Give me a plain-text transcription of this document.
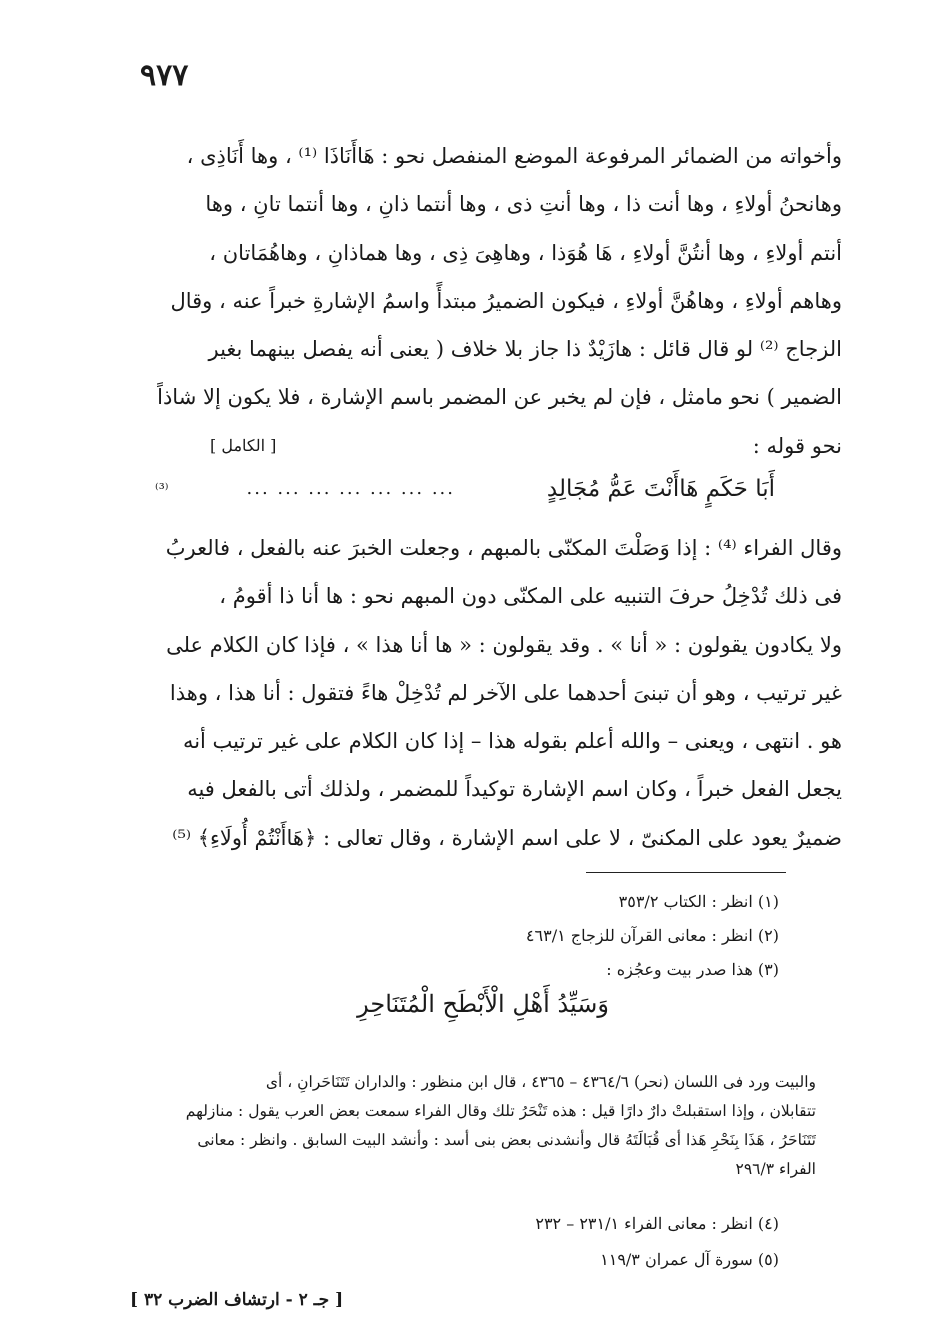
٩٧٧
وأخواته من الضمائر المرفوعة الموضع المنفصل نحو : هَاأَنَاذَا ⁽¹⁾ ، وها أَنَاذِى ،
وهانحنُ أولاءِ ، وها أنت ذا ، وها أنتِ ذى ، وها أنتما ذانِ ، وها أنتما تانِ ، وها
أنتم أولاءِ ، وها أنتُنَّ أولاءِ ، هَا هُوَذا ، وهاهِىَ ذِى ، وها هماذانِ ، وهاهُمَاتان ،
وهاهم أولاءِ ، وهاهُنَّ أولاءِ ، فيكون الضميرُ مبتدأً واسمُ الإشارةِ خبراً عنه ، وقال
الزجاج ⁽²⁾ لو قال قائل : هازَيْدٌ ذا جاز بلا خلاف ( يعنى أنه يفصل بينهما بغير
الضمير ) نحو مامثل ، فإن لم يخبر عن المضمر باسم الإشارة ، فلا يكون إلا شاذاً
نحو قوله :
[ الكامل ]
أَبَا حَكَمٍ هَاأَنْتَ عَمُّ مُجَالِدٍ
... ... ... ... ... ... ...
⁽³⁾
وقال الفراء ⁽⁴⁾ : إذا وَصَلْتَ المكنّى بالمبهم ، وجعلت الخبرَ عنه بالفعل ، فالعربُ
فى ذلك تُدْخِلُ حرفَ التنبيه على المكنّى دون المبهم نحو : ها أنا ذا أقومُ ،
ولا يكادون يقولون : « أنا » . وقد يقولون : « ها أنا هذا » ، فإذا كان الكلام على
غير ترتيب ، وهو أن تبنىَ أحدهما على الآخر لم تُدْخِلْ هاءً فتقول : أنا هذا ، وهذا
هو . انتهى ، ويعنى – والله أعلم بقوله هذا – إذا كان الكلام على غير ترتيب أنه
يجعل الفعل خبراً ، وكان اسم الإشارة توكيداً للمضمر ، ولذلك أتى بالفعل فيه
ضميرٌ يعود على المكنىّ ، لا على اسم الإشارة ، وقال تعالى : ﴿هَاأَنْتُمْ أُولَاءِ﴾ ⁽⁵⁾
(١) انظر : الكتاب ٣٥٣/٢
(٢) انظر : معانى القرآن للزجاج ٤٦٣/١
(٣) هذا صدر بيت وعجُزه :
وَسَيِّدُ أَهْلِ الْأَبْطَحِ الْمُتَنَاحِرِ
والبيت ورد فى اللسان (نحر) ٤٣٦٤/٦ – ٤٣٦٥ ، قال ابن منظور : والداران تَتَنَاحَرانِ ، أى
تتقابلان ، وإذا استقبلتْ دارٌ دارًا قيل : هذه تَنْحَرُ تلك وقال الفراء سمعت بعض العرب يقول : منازلهم
تَتَنَاحَرُ ، هَذَا بِنَحْرِ هَذا أى قُبَالَتَهُ قال وأنشدنى بعض بنى أسد : وأنشد البيت السابق . وانظر : معانى
الفراء ٢٩٦/٣
(٤) انظر : معانى الفراء ٢٣١/١ – ٢٣٢
(٥) سورة آل عمران ١١٩/٣
[ جـ ٢ - ارتشاف الضرب ٣٢ ]
